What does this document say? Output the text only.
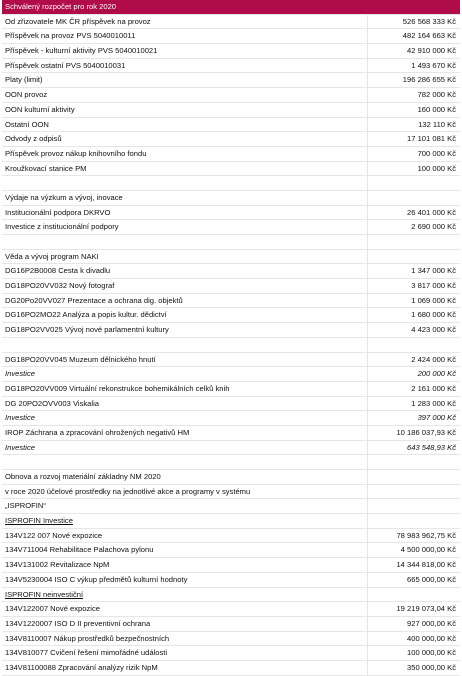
Schválený rozpočet pro rok 2020
Od zřizovatele MK ČR příspěvek na provoz	526 568 333 Kč
Příspěvek na provoz PVS 5040010011	482 164 663 Kč
Příspěvek - kulturní aktivity PVS 5040010021	42 910 000 Kč
Příspěvek ostatní PVS 5040010031	1 493 670 Kč
Platy (limit)	196 286 655 Kč
OON provoz	782 000 Kč
OON kulturní aktivity	160 000 Kč
Ostatní OON	132 110 Kč
Odvody z odpisů	17 101 081 Kč
Příspěvek provoz nákup knihovního fondu	700 000 Kč
Kroužkovací stanice PM	100 000 Kč
Výdaje na výzkum a vývoj, inovace
Institucionální podpora DKRVO	26 401 000 Kč
Investice z institucionální podpory	2 690 000 Kč
Věda a vývoj program NAKI
DG16P2B0008 Cesta k divadlu	1 347 000 Kč
DG18PO20VV032 Nový fotograf	3 817 000 Kč
DG20Po20VV027 Prezentace a ochrana dig. objektů	1 069 000 Kč
DG16PO2MO22 Analýza a popis kultur. dědictví	1 680 000 Kč
DG18PO2VV025 Vývoj nové parlamentní kultury	4 423 000 Kč
DG18PO20VV045 Muzeum dělnického hnutí	2 424 000 Kč
Investice	200 000 Kč
DG18PO20VV009 Virtuální rekonstrukce bohemikálních celků knih	2 161 000 Kč
DG 20PO2OVV003 Viskalia	1 283 000 Kč
Investice	397 000 Kč
IROP Záchrana a zpracování ohrožených negativů HM	10 186 037,93 Kč
Investice	643 548,93 Kč
Obnova a rozvoj materiální základny NM 2020
v roce 2020 účelové prostředky na jednotlivé akce a programy v systému
„ISPROFIN“
ISPROFIN Investice
134V122 007 Nové expozice	78 983 962,75 Kč
134V711004 Rehabilitace Palachova pylonu	4 500 000,00 Kč
134V131002 Revitalizace NpM	14 344 818,00 Kč
134V5230004 ISO C výkup předmětů kulturní hodnoty	665 000,00 Kč
ISPROFIN neinvestiční
134V122007 Nové expozice	19 219 073,04 Kč
134V1220007 ISO D II preventivní ochrana	927 000,00 Kč
134V8110007 Nákup prostředků bezpečnostních	400 000,00 Kč
134V810077 Cvičení řešení mimořádné události	100 000,00 Kč
134V81100088 Zpracování analýzy rizik NpM	350 000,00 Kč
